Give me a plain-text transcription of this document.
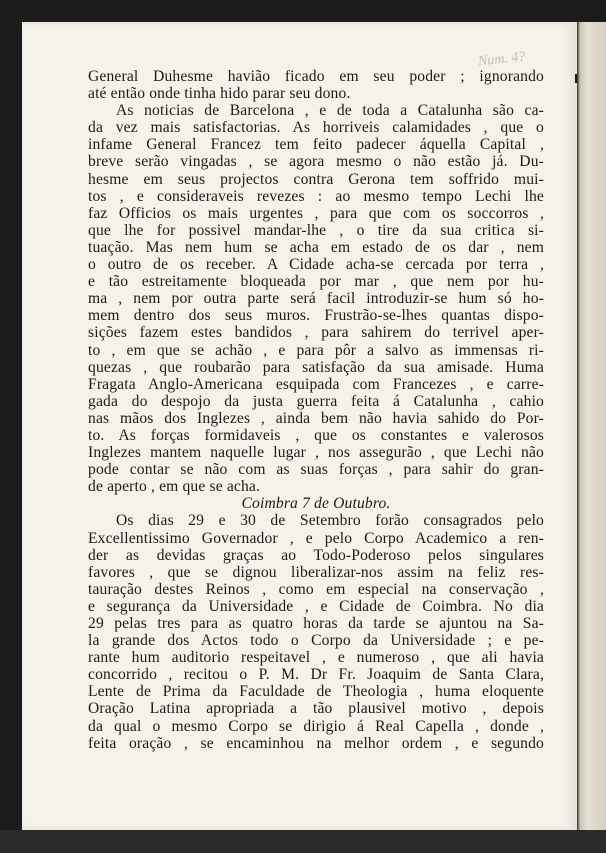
Num. 4?

General Duhesme havião ficado em seu poder ; ignorando

até então onde tinha hido parar seu dono.

As noticias de Barcelona , e de toda a Catalunha são ca-

da vez mais satisfactorias. As horriveis calamidades , que o

infame General Francez tem feito padecer áquella Capital ,

breve serão vingadas , se agora mesmo o não estão já. Du-

hesme em seus projectos contra Gerona tem soffrido mui-

tos , e consideraveis revezes : ao mesmo tempo Lechi lhe

faz Officios os mais urgentes , para que com os soccorros ,

que lhe for possivel mandar-lhe , o tire da sua critica si-

tuação. Mas nem hum se acha em estado de os dar , nem

o outro de os receber. A Cidade acha-se cercada por terra ,

e tão estreitamente bloqueada por mar , que nem por hu-

ma , nem por outra parte será facil introduzir-se hum só ho-

mem dentro dos seus muros. Frustrão-se-lhes quantas dispo-

sições fazem estes bandidos , para sahirem do terrivel aper-

to , em que se achão , e para pôr a salvo as immensas ri-

quezas , que roubarão para satisfação da sua amisade. Huma

Fragata Anglo-Americana esquipada com Francezes , e carre-

gada do despojo da justa guerra feita á Catalunha , cahio

nas mãos dos Inglezes , ainda bem não havia sahido do Por-

to. As forças formidaveis , que os constantes e valerosos

Inglezes mantem naquelle lugar , nos assegurão , que Lechi não

pode contar se não com as suas forças , para sahir do gran-

de aperto , em que se acha.

Coimbra 7 de Outubro.

Os dias 29 e 30 de Setembro forão consagrados pelo

Excellentissimo Governador , e pelo Corpo Academico a ren-

der as devidas graças ao Todo-Poderoso pelos singulares

favores , que se dignou liberalizar-nos assim na feliz res-

tauração destes Reinos , como em especial na conservação ,

e segurança da Universidade , e Cidade de Coimbra. No dia

29 pelas tres para as quatro horas da tarde se ajuntou na Sa-

la grande dos Actos todo o Corpo da Universidade ; e pe-

rante hum auditorio respeitavel , e numeroso , que ali havia

concorrido , recitou o P. M. Dr Fr. Joaquim de Santa Clara,

Lente de Prima da Faculdade de Theologia , huma eloquente

Oração Latina apropriada a tão plausivel motivo , depois

da qual o mesmo Corpo se dirigio á Real Capella , donde ,

feita oração , se encaminhou na melhor ordem , e segundo
